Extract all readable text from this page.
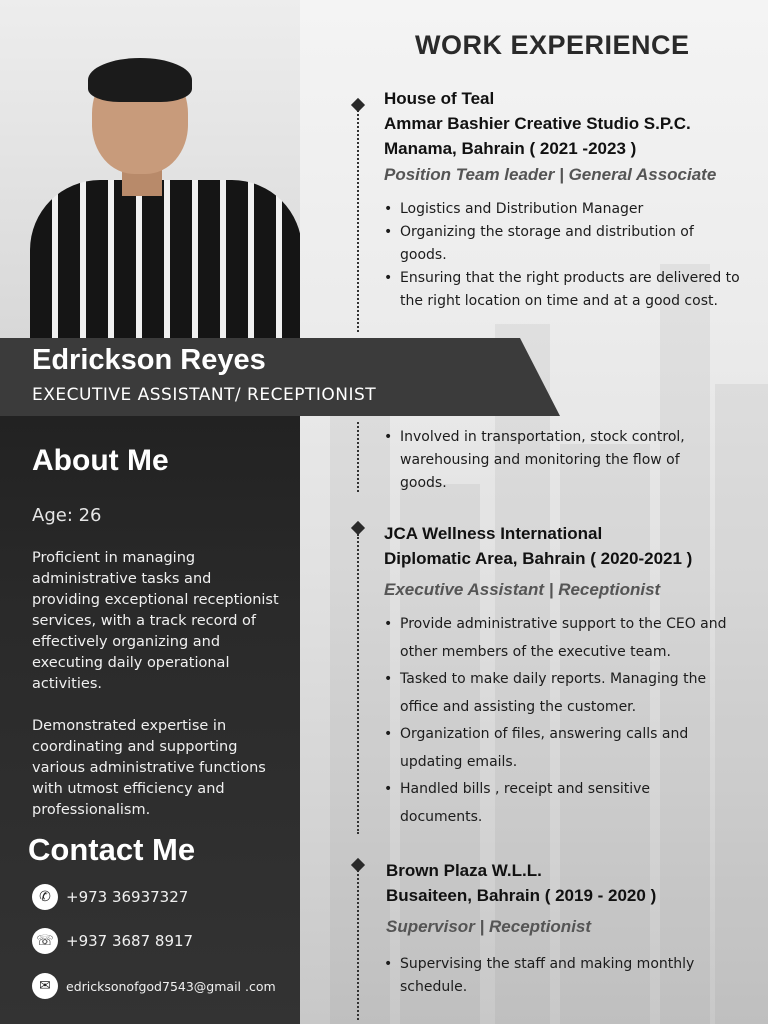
Edrickson Reyes
EXECUTIVE ASSISTANT/ RECEPTIONIST
About Me
Age: 26
Proficient in managing administrative tasks and providing exceptional receptionist services, with a track record of effectively organizing and executing daily operational activities.
Demonstrated expertise in coordinating and supporting various administrative functions with utmost efficiency and professionalism.
Contact Me
✆	+973 36937327
☏ +937 3687 8917
✉	edricksonofgod7543@gmail .com
WORK EXPERIENCE
House of Teal
Ammar Bashier Creative Studio S.P.C.
Manama, Bahrain ( 2021 -2023 )
Position Team leader | General Associate
• Logistics and Distribution Manager
• Organizing the storage and distribution of goods.
• Ensuring that the right products are delivered to the right location on time and at a good cost.
• Involved in transportation, stock control, warehousing and monitoring the flow of goods.
JCA Wellness International
Diplomatic Area, Bahrain ( 2020-2021 )
Executive Assistant | Receptionist
• Provide administrative support to the CEO and other members of the executive team.
• Tasked to make daily reports. Managing the office and assisting the customer.
• Organization of files, answering calls and updating emails.
• Handled bills , receipt and sensitive documents.
Brown Plaza W.L.L.
Busaiteen, Bahrain ( 2019 - 2020 )
Supervisor | Receptionist
• Supervising the staff and making monthly schedule.
